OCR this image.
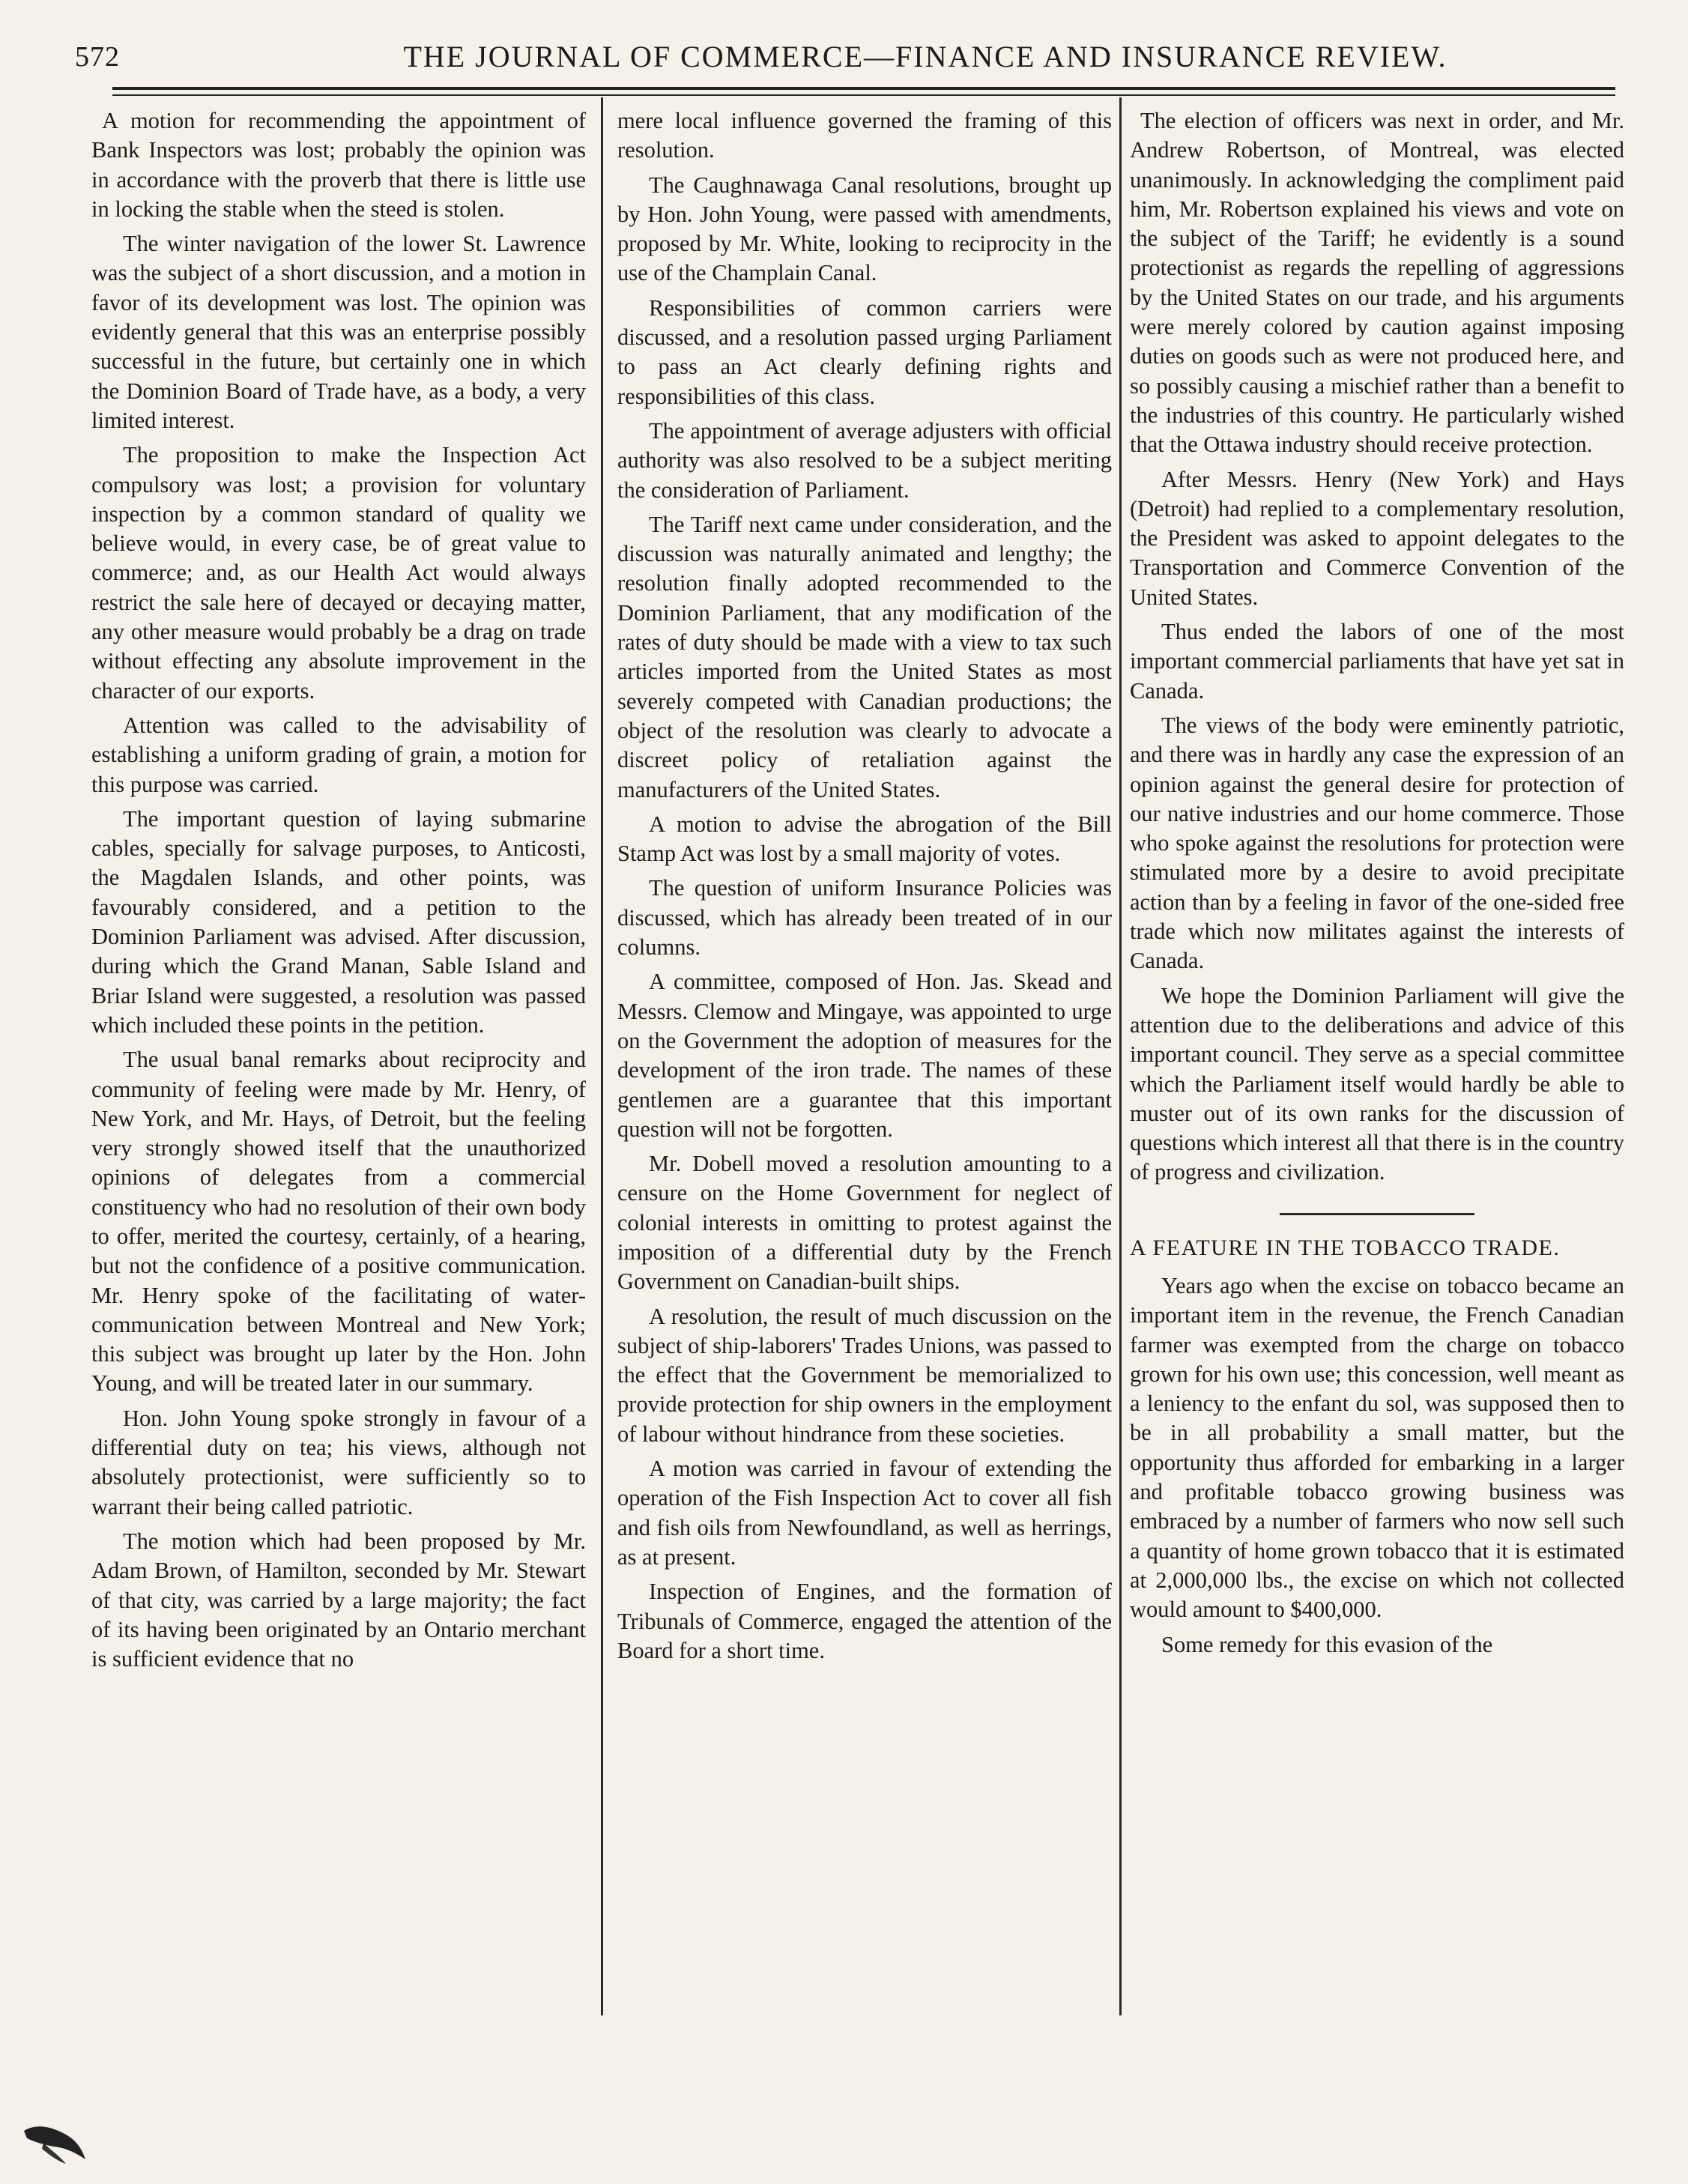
572	THE JOURNAL OF COMMERCE—FINANCE AND INSURANCE REVIEW.

A motion for recommending the appointment of Bank Inspectors was lost; probably the opinion was in accordance with the proverb that there is little use in locking the stable when the steed is stolen.

The winter navigation of the lower St. Lawrence was the subject of a short discussion, and a motion in favor of its development was lost. The opinion was evidently general that this was an enterprise possibly successful in the future, but certainly one in which the Dominion Board of Trade have, as a body, a very limited interest.

The proposition to make the Inspection Act compulsory was lost; a provision for voluntary inspection by a common standard of quality we believe would, in every case, be of great value to commerce; and, as our Health Act would always restrict the sale here of decayed or decaying matter, any other measure would probably be a drag on trade without effecting any absolute improvement in the character of our exports.

Attention was called to the advisability of establishing a uniform grading of grain, a motion for this purpose was carried.

The important question of laying submarine cables, specially for salvage purposes, to Anticosti, the Magdalen Islands, and other points, was favourably considered, and a petition to the Dominion Parliament was advised. After discussion, during which the Grand Manan, Sable Island and Briar Island were suggested, a resolution was passed which included these points in the petition.

The usual banal remarks about reciprocity and community of feeling were made by Mr. Henry, of New York, and Mr. Hays, of Detroit, but the feeling very strongly showed itself that the unauthorized opinions of delegates from a commercial constituency who had no resolution of their own body to offer, merited the courtesy, certainly, of a hearing, but not the confidence of a positive communication. Mr. Henry spoke of the facilitating of water-communication between Montreal and New York; this subject was brought up later by the Hon. John Young, and will be treated later in our summary.

Hon. John Young spoke strongly in favour of a differential duty on tea; his views, although not absolutely protectionist, were sufficiently so to warrant their being called patriotic.

The motion which had been proposed by Mr. Adam Brown, of Hamilton, seconded by Mr. Stewart of that city, was carried by a large majority; the fact of its having been originated by an Ontario merchant is sufficient evidence that no

mere local influence governed the framing of this resolution.

The Caughnawaga Canal resolutions, brought up by Hon. John Young, were passed with amendments, proposed by Mr. White, looking to reciprocity in the use of the Champlain Canal.

Responsibilities of common carriers were discussed, and a resolution passed urging Parliament to pass an Act clearly defining rights and responsibilities of this class.

The appointment of average adjusters with official authority was also resolved to be a subject meriting the consideration of Parliament.

The Tariff next came under consideration, and the discussion was naturally animated and lengthy; the resolution finally adopted recommended to the Dominion Parliament, that any modification of the rates of duty should be made with a view to tax such articles imported from the United States as most severely competed with Canadian productions; the object of the resolution was clearly to advocate a discreet policy of retaliation against the manufacturers of the United States.

A motion to advise the abrogation of the Bill Stamp Act was lost by a small majority of votes.

The question of uniform Insurance Policies was discussed, which has already been treated of in our columns.

A committee, composed of Hon. Jas. Skead and Messrs. Clemow and Mingaye, was appointed to urge on the Government the adoption of measures for the development of the iron trade. The names of these gentlemen are a guarantee that this important question will not be forgotten.

Mr. Dobell moved a resolution amounting to a censure on the Home Government for neglect of colonial interests in omitting to protest against the imposition of a differential duty by the French Government on Canadian-built ships.

A resolution, the result of much discussion on the subject of ship-laborers' Trades Unions, was passed to the effect that the Government be memorialized to provide protection for ship owners in the employment of labour without hindrance from these societies.

A motion was carried in favour of extending the operation of the Fish Inspection Act to cover all fish and fish oils from Newfoundland, as well as herrings, as at present.

Inspection of Engines, and the formation of Tribunals of Commerce, engaged the attention of the Board for a short time.

The election of officers was next in order, and Mr. Andrew Robertson, of Montreal, was elected unanimously. In acknowledging the compliment paid him, Mr. Robertson explained his views and vote on the subject of the Tariff; he evidently is a sound protectionist as regards the repelling of aggressions by the United States on our trade, and his arguments were merely colored by caution against imposing duties on goods such as were not produced here, and so possibly causing a mischief rather than a benefit to the industries of this country. He particularly wished that the Ottawa industry should receive protection.

After Messrs. Henry (New York) and Hays (Detroit) had replied to a complementary resolution, the President was asked to appoint delegates to the Transportation and Commerce Convention of the United States.

Thus ended the labors of one of the most important commercial parliaments that have yet sat in Canada.

The views of the body were eminently patriotic, and there was in hardly any case the expression of an opinion against the general desire for protection of our native industries and our home commerce. Those who spoke against the resolutions for protection were stimulated more by a desire to avoid precipitate action than by a feeling in favor of the one-sided free trade which now militates against the interests of Canada.

We hope the Dominion Parliament will give the attention due to the deliberations and advice of this important council. They serve as a special committee which the Parliament itself would hardly be able to muster out of its own ranks for the discussion of questions which interest all that there is in the country of progress and civilization.

A FEATURE IN THE TOBACCO TRADE.

Years ago when the excise on tobacco became an important item in the revenue, the French Canadian farmer was exempted from the charge on tobacco grown for his own use; this concession, well meant as a leniency to the enfant du sol, was supposed then to be in all probability a small matter, but the opportunity thus afforded for embarking in a larger and profitable tobacco growing business was embraced by a number of farmers who now sell such a quantity of home grown tobacco that it is estimated at 2,000,000 lbs., the excise on which not collected would amount to $400,000.

Some remedy for this evasion of the
